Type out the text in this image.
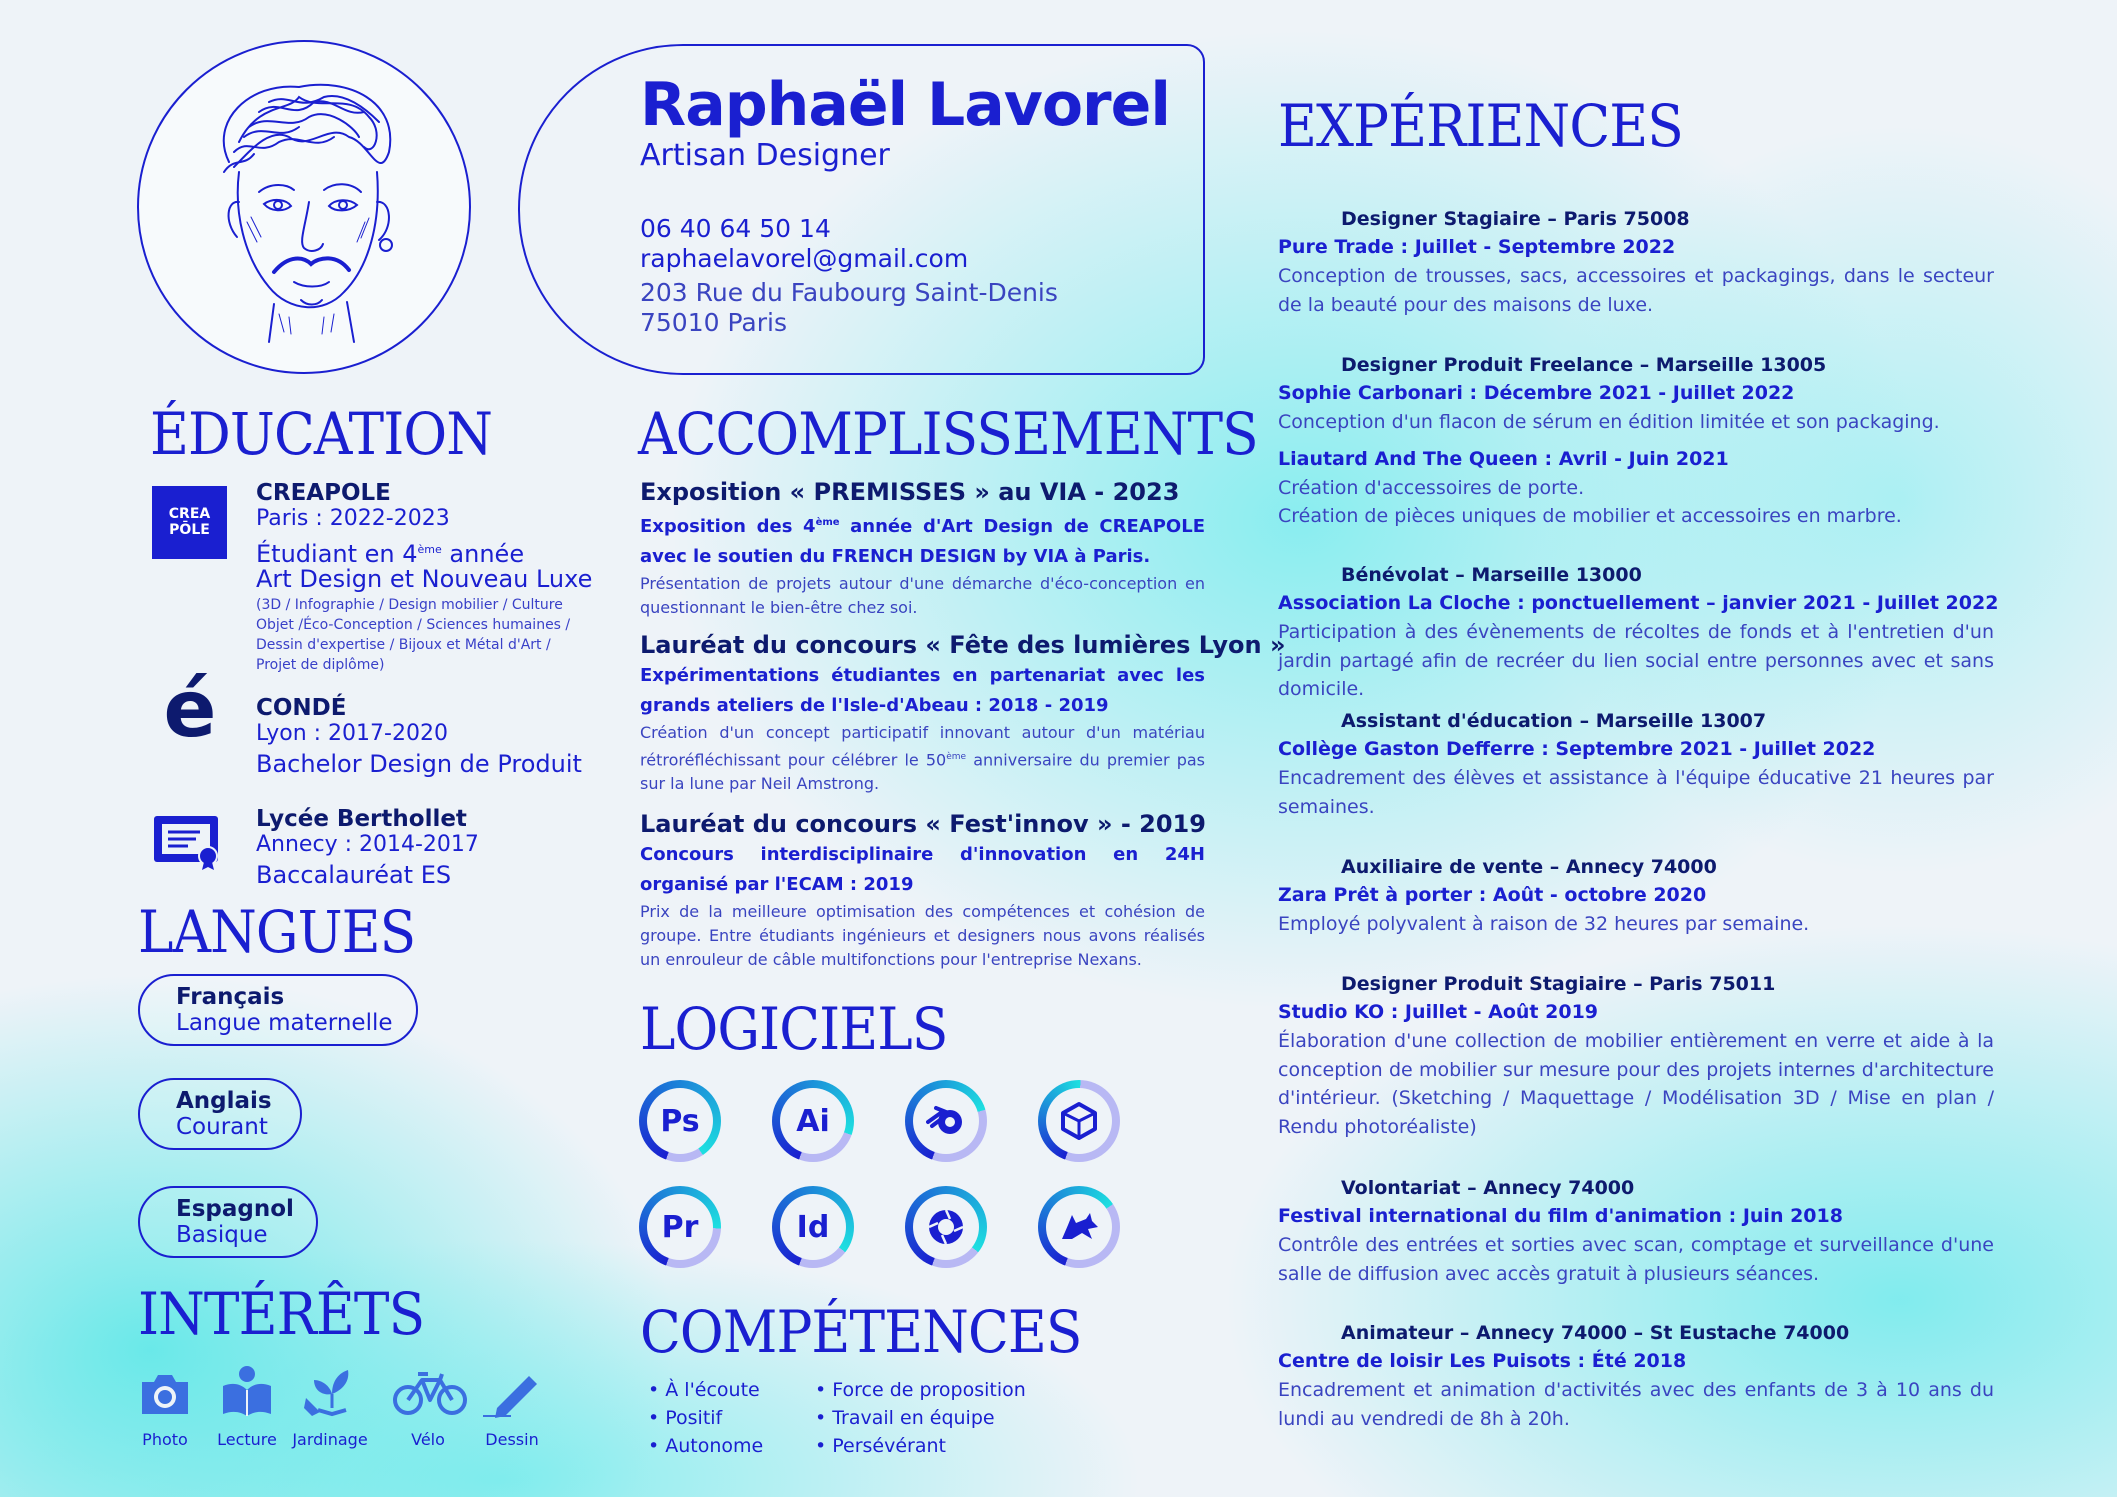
Raphaël Lavorel
Artisan Designer
06 40 64 50 14
raphaelavorel@gmail.com
203 Rue du Faubourg Saint-Denis
75010 Paris
ÉDUCATION
CREA PŌLE
CREAPOLE
Paris : 2022-2023
Étudiant en 4ème année
Art Design et Nouveau Luxe
(3D / Infographie / Design mobilier / Culture Objet /Éco-Conception / Sciences humaines / Dessin d'expertise / Bijoux et Métal d'Art / Projet de diplôme)
é CONDÉ
Lyon : 2017-2020
Bachelor Design de Produit
Lycée Berthollet
Annecy : 2014-2017
Baccalauréat ES
LANGUES
Français
Langue maternelle
Anglais
Courant
Espagnol
Basique
INTÉRÊTS
Photo	Lecture Jardinage	Vélo	Dessin
ACCOMPLISSEMENTS
Exposition « PREMISSES » au VIA - 2023
Exposition des 4ème année d'Art Design de CREAPOLE avec le soutien du FRENCH DESIGN by VIA à Paris.
Présentation de projets autour d'une démarche d'éco-conception en questionnant le bien-être chez soi.
Lauréat du concours « Fête des lumières Lyon »
Expérimentations étudiantes en partenariat avec les grands ateliers de l'Isle-d'Abeau : 2018 - 2019
Création d'un concept participatif innovant autour d'un matériau rétroréfléchissant pour célébrer le 50ème anniversaire du premier pas sur la lune par Neil Amstrong.
Lauréat du concours « Fest'innov » - 2019
Concours interdisciplinaire d'innovation en 24H organisé par l'ECAM : 2019
Prix de la meilleure optimisation des compétences et cohésion de groupe. Entre étudiants ingénieurs et designers nous avons réalisés un enrouleur de câble multifonctions pour l'entreprise Nexans.
LOGICIELS
Ps	Ai
Pr	Id
COMPÉTENCES
• À l'écoute
• Positif
• Autonome
• Force de proposition
• Travail en équipe
• Persévérant
EXPÉRIENCES
Designer Stagiaire – Paris 75008
Pure Trade : Juillet - Septembre 2022
Conception de trousses, sacs, accessoires et packagings, dans le secteur de la beauté pour des maisons de luxe.
Designer Produit Freelance – Marseille 13005
Sophie Carbonari : Décembre 2021 - Juillet 2022
Conception d'un flacon de sérum en édition limitée et son packaging.
Liautard And The Queen : Avril - Juin 2021
Création d'accessoires de porte.
Création de pièces uniques de mobilier et accessoires en marbre.
Bénévolat – Marseille 13000
Association La Cloche : ponctuellement – janvier 2021 - Juillet 2022
Participation à des évènements de récoltes de fonds et à l'entretien d'un jardin partagé afin de recréer du lien social entre personnes avec et sans domicile.
Assistant d'éducation – Marseille 13007
Collège Gaston Defferre : Septembre 2021 - Juillet 2022
Encadrement des élèves et assistance à l'équipe éducative 21 heures par semaines.
Auxiliaire de vente – Annecy 74000
Zara Prêt à porter : Août - octobre 2020
Employé polyvalent à raison de 32 heures par semaine.
Designer Produit Stagiaire – Paris 75011
Studio KO : Juillet - Août 2019
Élaboration d'une collection de mobilier entièrement en verre et aide à la conception de mobilier sur mesure pour des projets internes d'architecture d'intérieur. (Sketching / Maquettage / Modélisation 3D / Mise en plan / Rendu photoréaliste)
Volontariat – Annecy 74000
Festival international du film d'animation : Juin 2018
Contrôle des entrées et sorties avec scan, comptage et surveillance d'une salle de diffusion avec accès gratuit à plusieurs séances.
Animateur – Annecy 74000 – St Eustache 74000
Centre de loisir Les Puisots : Été 2018
Encadrement et animation d'activités avec des enfants de 3 à 10 ans du lundi au vendredi de 8h à 20h.
